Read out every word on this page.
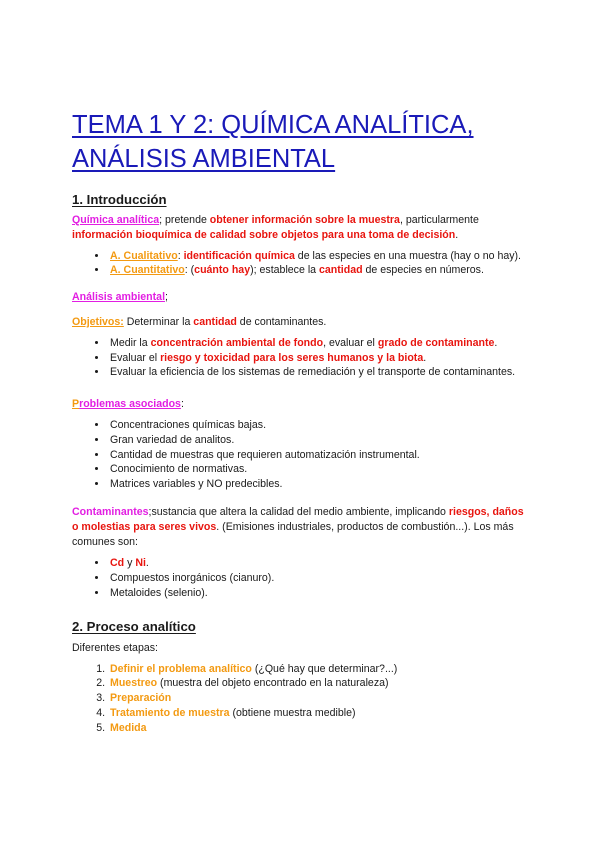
TEMA 1 Y 2: QUÍMICA ANALÍTICA,
ANÁLISIS AMBIENTAL
1. Introducción

Química analítica; pretende obtener información sobre la muestra, particularmente información bioquímica de calidad sobre objetos para una toma de decisión.

• A. Cualitativo: identificación química de las especies en una muestra (hay o no hay).
• A. Cuantitativo: (cuánto hay); establece la cantidad de especies en números.

Análisis ambiental;

Objetivos: Determinar la cantidad de contaminantes.

• Medir la concentración ambiental de fondo, evaluar el grado de contaminante.
• Evaluar el riesgo y toxicidad para los seres humanos y la biota.
• Evaluar la eficiencia de los sistemas de remediación y el transporte de contaminantes.

Problemas asociados:

• Concentraciones químicas bajas.
• Gran variedad de analitos.
• Cantidad de muestras que requieren automatización instrumental.
• Conocimiento de normativas.
• Matrices variables y NO predecibles.

Contaminantes;sustancia que altera la calidad del medio ambiente, implicando riesgos, daños o molestias para seres vivos. (Emisiones industriales, productos de combustión...). Los más comunes son:

• Cd y Ni.
• Compuestos inorgánicos (cianuro).
• Metaloides (selenio).
2. Proceso analítico

Diferentes etapas:

1. Definir el problema analítico (¿Qué hay que determinar?...)
2. Muestreo (muestra del objeto encontrado en la naturaleza)
3. Preparación
4. Tratamiento de muestra (obtiene muestra medible)
5. Medida
